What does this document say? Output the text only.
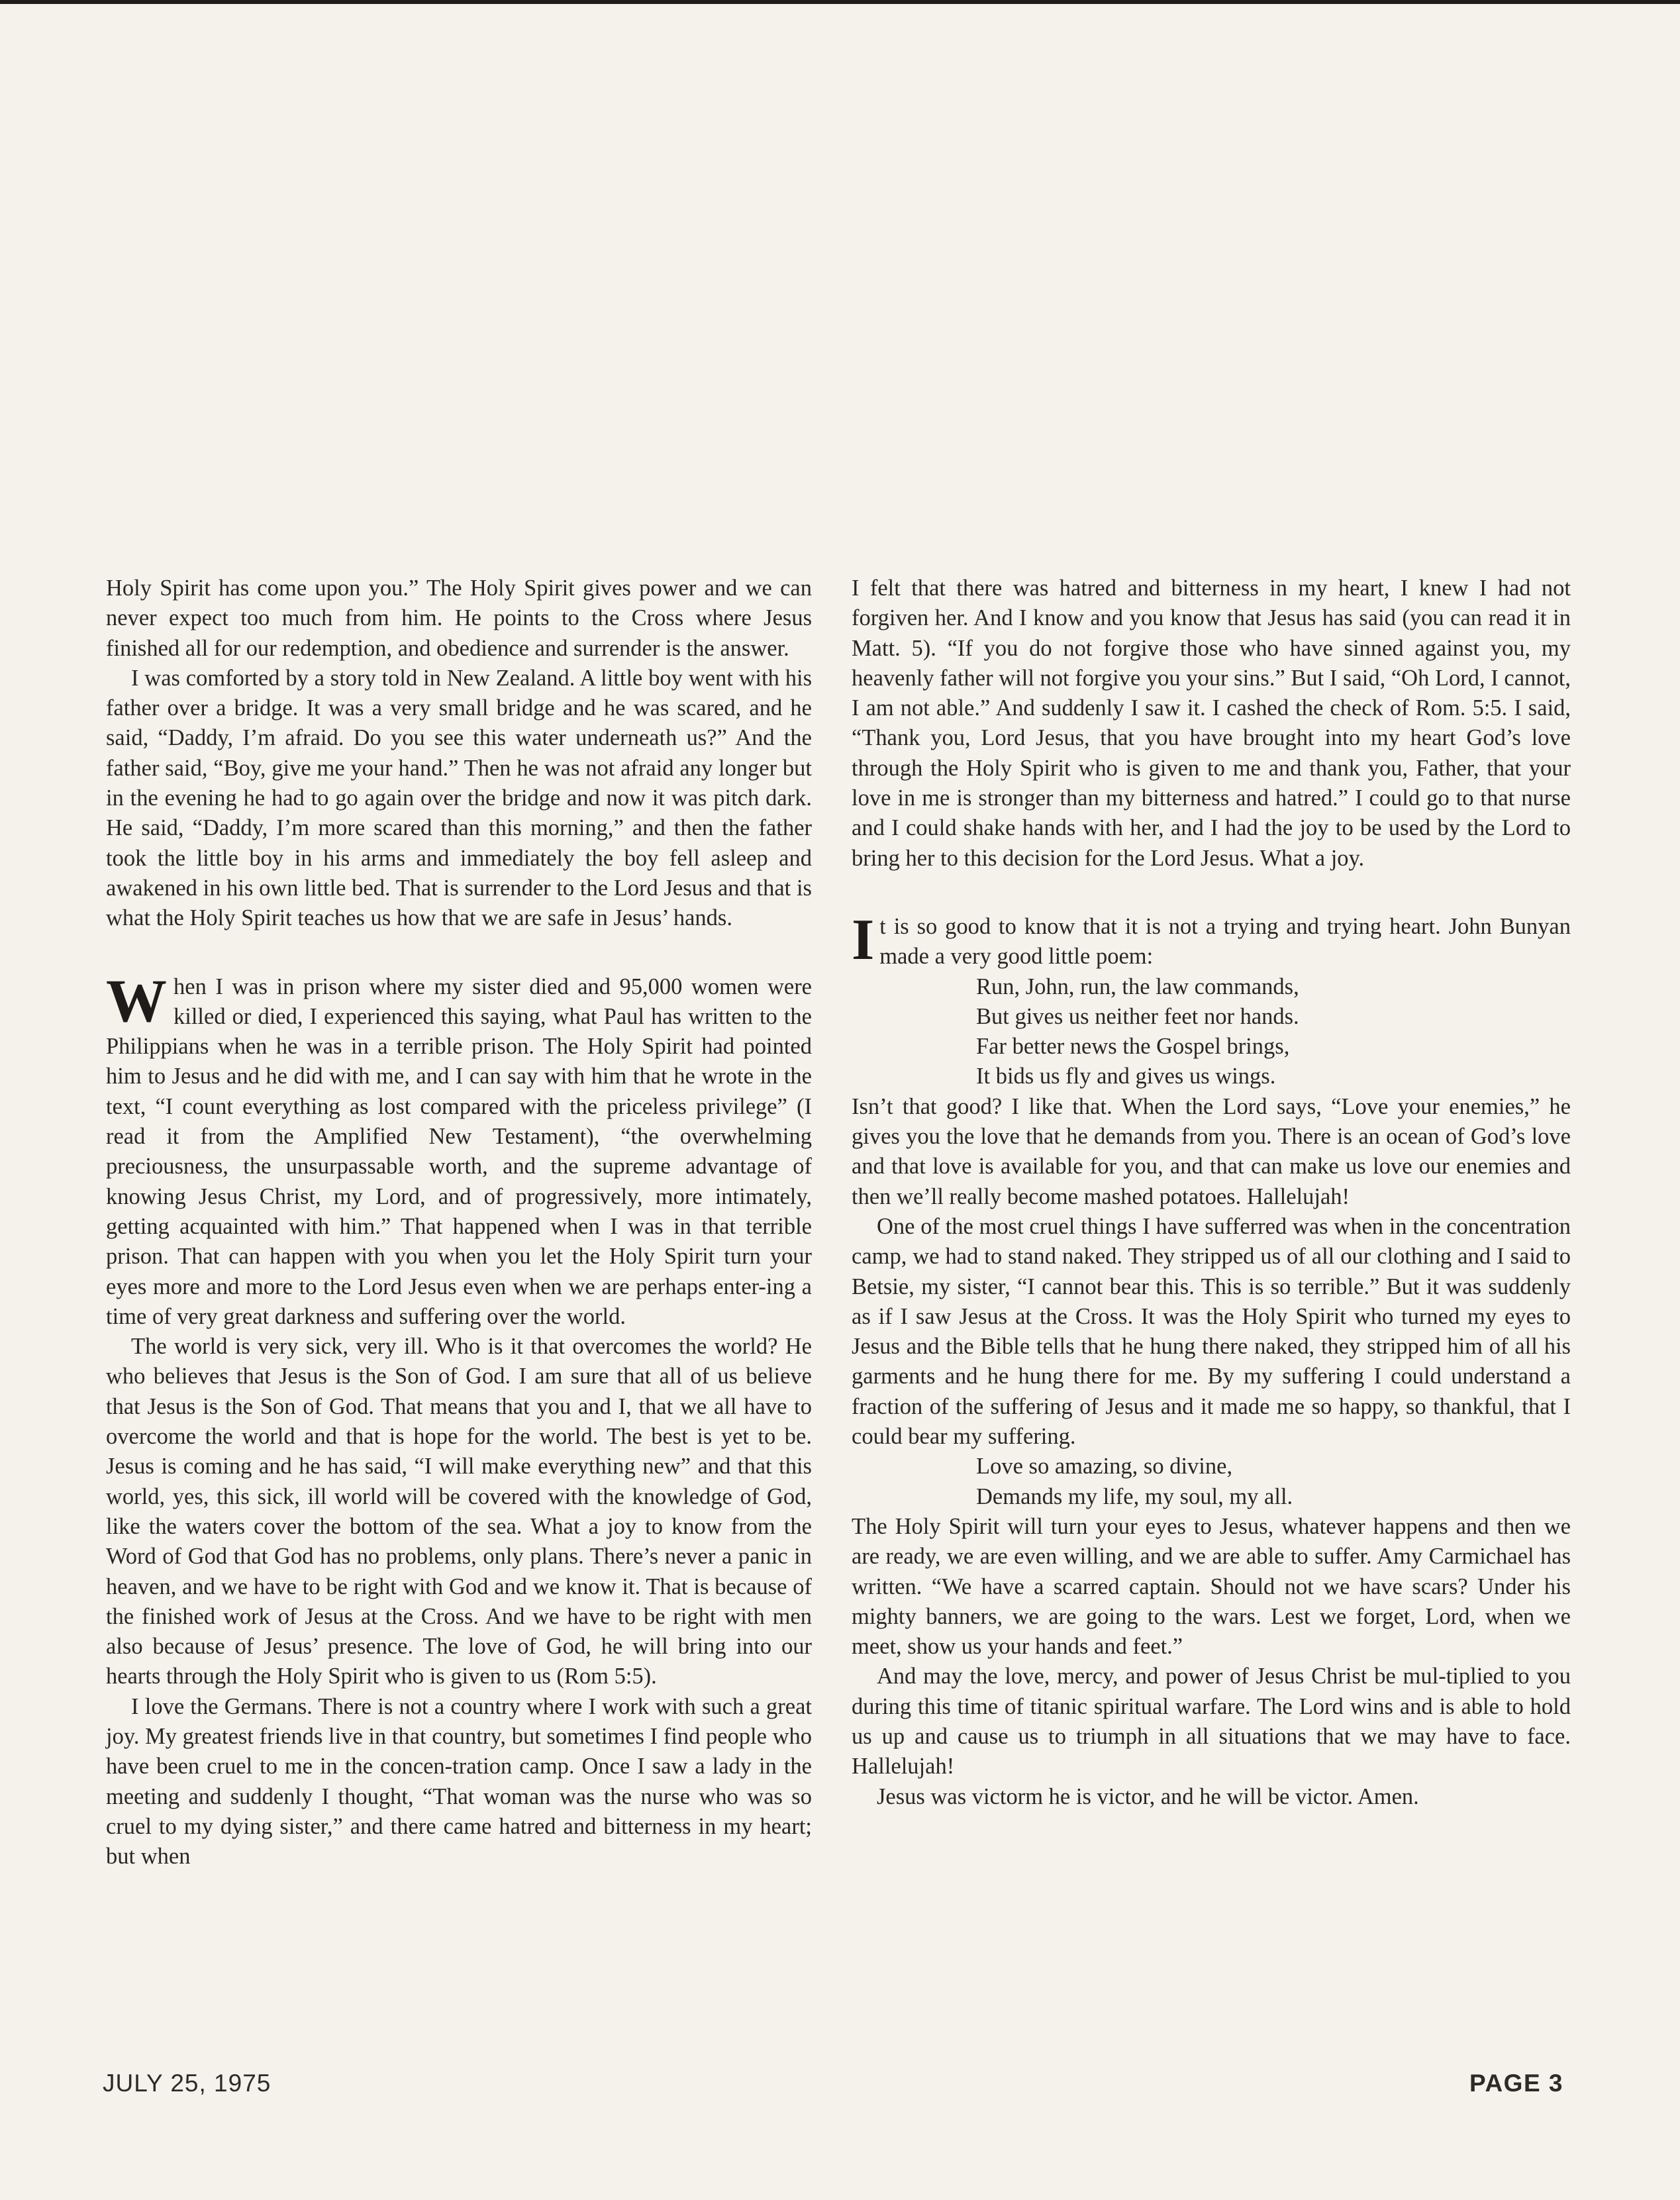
Holy Spirit has come upon you.” The Holy Spirit gives power and we can never expect too much from him. He points to the Cross where Jesus finished all for our redemption, and obedience and surrender is the answer.

I was comforted by a story told in New Zealand. A little boy went with his father over a bridge. It was a very small bridge and he was scared, and he said, “Daddy, I’m afraid. Do you see this water underneath us?” And the father said, “Boy, give me your hand.” Then he was not afraid any longer but in the evening he had to go again over the bridge and now it was pitch dark. He said, “Daddy, I’m more scared than this morning,” and then the father took the little boy in his arms and immediately the boy fell asleep and awakened in his own little bed. That is surrender to the Lord Jesus and that is what the Holy Spirit teaches us how that we are safe in Jesus’ hands.

When I was in prison where my sister died and 95,000 women were killed or died, I experienced this saying, what Paul has written to the Philippians when he was in a terrible prison. The Holy Spirit had pointed him to Jesus and he did with me, and I can say with him that he wrote in the text, “I count everything as lost compared with the priceless privilege” (I read it from the Amplified New Testament), “the overwhelming preciousness, the unsurpassable worth, and the supreme advantage of knowing Jesus Christ, my Lord, and of progressively, more intimately, getting acquainted with him.” That happened when I was in that terrible prison. That can happen with you when you let the Holy Spirit turn your eyes more and more to the Lord Jesus even when we are perhaps enter-ing a time of very great darkness and suffering over the world.

The world is very sick, very ill. Who is it that overcomes the world? He who believes that Jesus is the Son of God. I am sure that all of us believe that Jesus is the Son of God. That means that you and I, that we all have to overcome the world and that is hope for the world. The best is yet to be. Jesus is coming and he has said, “I will make everything new” and that this world, yes, this sick, ill world will be covered with the knowledge of God, like the waters cover the bottom of the sea. What a joy to know from the Word of God that God has no problems, only plans. There’s never a panic in heaven, and we have to be right with God and we know it. That is because of the finished work of Jesus at the Cross. And we have to be right with men also because of Jesus’ presence. The love of God, he will bring into our hearts through the Holy Spirit who is given to us (Rom 5:5).

I love the Germans. There is not a country where I work with such a great joy. My greatest friends live in that country, but sometimes I find people who have been cruel to me in the concen-tration camp. Once I saw a lady in the meeting and suddenly I thought, “That woman was the nurse who was so cruel to my dying sister,” and there came hatred and bitterness in my heart; but when

I felt that there was hatred and bitterness in my heart, I knew I had not forgiven her. And I know and you know that Jesus has said (you can read it in Matt. 5). “If you do not forgive those who have sinned against you, my heavenly father will not forgive you your sins.” But I said, “Oh Lord, I cannot, I am not able.” And suddenly I saw it. I cashed the check of Rom. 5:5. I said, “Thank you, Lord Jesus, that you have brought into my heart God’s love through the Holy Spirit who is given to me and thank you, Father, that your love in me is stronger than my bitterness and hatred.” I could go to that nurse and I could shake hands with her, and I had the joy to be used by the Lord to bring her to this decision for the Lord Jesus. What a joy.

It is so good to know that it is not a trying and trying heart. John Bunyan made a very good little poem:

Run, John, run, the law commands,
But gives us neither feet nor hands.
Far better news the Gospel brings,
It bids us fly and gives us wings.

Isn’t that good? I like that. When the Lord says, “Love your enemies,” he gives you the love that he demands from you. There is an ocean of God’s love and that love is available for you, and that can make us love our enemies and then we’ll really become mashed potatoes. Hallelujah!

One of the most cruel things I have sufferred was when in the concentration camp, we had to stand naked. They stripped us of all our clothing and I said to Betsie, my sister, “I cannot bear this. This is so terrible.” But it was suddenly as if I saw Jesus at the Cross. It was the Holy Spirit who turned my eyes to Jesus and the Bible tells that he hung there naked, they stripped him of all his garments and he hung there for me. By my suffering I could understand a fraction of the suffering of Jesus and it made me so happy, so thankful, that I could bear my suffering.

Love so amazing, so divine,
Demands my life, my soul, my all.

The Holy Spirit will turn your eyes to Jesus, whatever happens and then we are ready, we are even willing, and we are able to suffer. Amy Carmichael has written. “We have a scarred captain. Should not we have scars? Under his mighty banners, we are going to the wars. Lest we forget, Lord, when we meet, show us your hands and feet.”

And may the love, mercy, and power of Jesus Christ be mul-tiplied to you during this time of titanic spiritual warfare. The Lord wins and is able to hold us up and cause us to triumph in all situations that we may have to face. Hallelujah!

Jesus was victorm he is victor, and he will be victor. Amen.

JULY 25, 1975	PAGE 3
